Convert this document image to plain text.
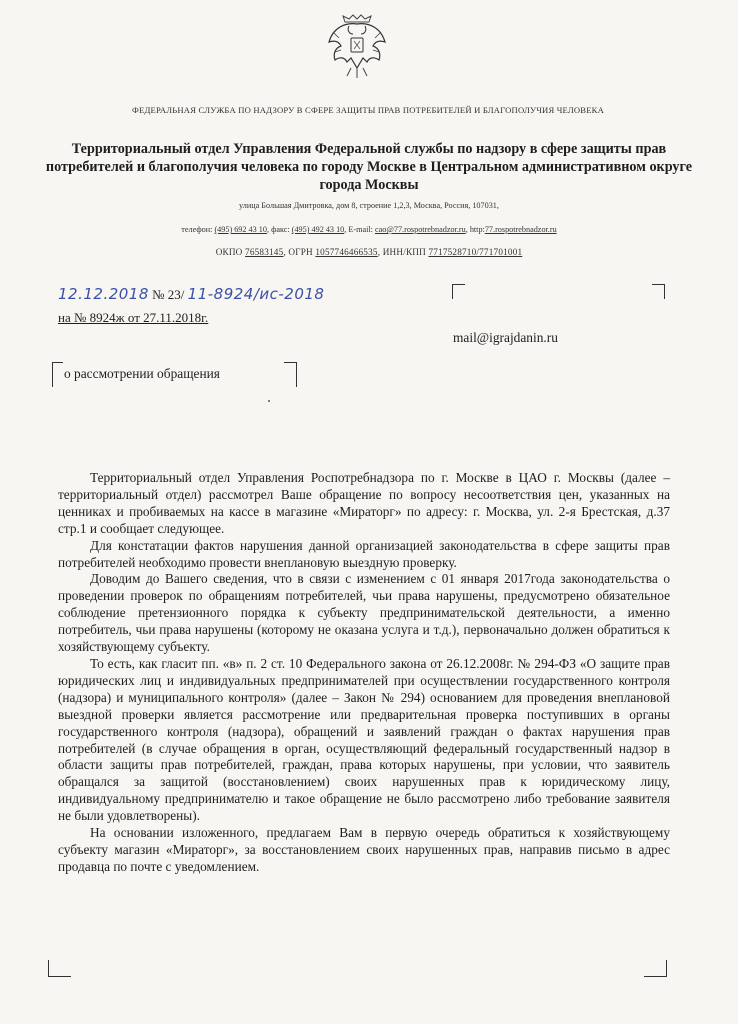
ФЕДЕРАЛЬНАЯ СЛУЖБА ПО НАДЗОРУ В СФЕРЕ ЗАЩИТЫ ПРАВ ПОТРЕБИТЕЛЕЙ И БЛАГОПОЛУЧИЯ ЧЕЛОВЕКА
Территориальный отдел Управления Федеральной службы по надзору в сфере защиты прав потребителей и благополучия человека по городу Москве в Центральном административном округе города Москвы
улица Большая Дмитровка, дом 8, строение 1,2,3, Москва, Россия, 107031,
телефон: (495) 692 43 10, факс: (495) 492 43 10, E-mail: cao@77.rospotrebnadzor.ru, http:77.rospotrebnadzor.ru
ОКПО 76583145, ОГРН 1057746466535, ИНН/КПП 7717528710/771701001
12.12.2018 № 23/ 11-8924/ис-2018
на № 8924ж от 27.11.2018г.
mail@igrajdanin.ru
о рассмотрении обращения

Территориальный отдел Управления Роспотребнадзора по г. Москве в ЦАО г. Москвы (далее – территориальный отдел) рассмотрел Ваше обращение по вопросу несоответствия цен, указанных на ценниках и пробиваемых на кассе в магазине «Мираторг» по адресу: г. Москва, ул. 2-я Брестская, д.37 стр.1 и сообщает следующее.

Для констатации фактов нарушения данной организацией законодательства в сфере защиты прав потребителей необходимо провести внеплановую выездную проверку.

Доводим до Вашего сведения, что в связи с изменением с 01 января 2017года законодательства о проведении проверок по обращениям потребителей, чьи права нарушены, предусмотрено обязательное соблюдение претензионного порядка к субъекту предпринимательской деятельности, а именно потребитель, чьи права нарушены (которому не оказана услуга и т.д.), первоначально должен обратиться к хозяйствующему субъекту.

То есть, как гласит пп. «в» п. 2 ст. 10 Федерального закона от 26.12.2008г. № 294-ФЗ «О защите прав юридических лиц и индивидуальных предпринимателей при осуществлении государственного контроля (надзора) и муниципального контроля» (далее – Закон № 294) основанием для проведения внеплановой выездной проверки является рассмотрение или предварительная проверка поступивших в органы государственного контроля (надзора), обращений и заявлений граждан о фактах нарушения прав потребителей (в случае обращения в орган, осуществляющий федеральный государственный надзор в области защиты прав потребителей, граждан, права которых нарушены, при условии, что заявитель обращался за защитой (восстановлением) своих нарушенных прав к юридическому лицу, индивидуальному предпринимателю и такое обращение не было рассмотрено либо требование заявителя не были удовлетворены).

На основании изложенного, предлагаем Вам в первую очередь обратиться к хозяйствующему субъекту магазин «Мираторг», за восстановлением своих нарушенных прав, направив письмо в адрес продавца по почте с уведомлением.
